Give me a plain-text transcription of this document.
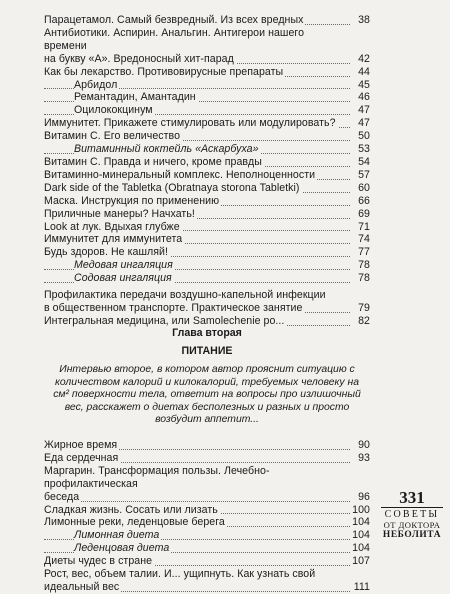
Парацетамол. Самый безвредный. Из всех вредных	38
Антибиотики. Аспирин. Анальгин. Антигерои нашего времени
на букву «А». Вредоносный хит-парад	42
Как бы лекарство. Противовирусные препараты	44
Арбидол	45
Ремантадин, Амантадин	46
Оцилококцинум	47
Иммунитет. Прикажете стимулировать или модулировать?	47
Витамин С. Его величество	50
Витаминный коктейль «Аскарбуха»	53
Витамин С. Правда и ничего, кроме правды	54
Витаминно-минеральный комплекс. Неполноценности	57
Dark side of the Tabletka (Obratnaya storona Tabletki)	60
Маска. Инструкция по применению	66
Приличные манеры? Начхать!	69
Look at лук. Вдыхая глубже	71
Иммунитет для иммунитета	74
Будь здоров. Не кашляй!	77
Медовая ингаляция	78
Содовая ингаляция	78
Профилактика передачи воздушно-капельной инфекции
в общественном транспорте. Практическое занятие	79
Интегральная медицина, или Samolechenie po...	82
Глава вторая
ПИТАНИЕ
Интервью второе, в котором автор прояснит ситуацию с количеством калорий и килокалорий, требуемых человеку на см² поверхности тела, ответит на вопросы про излишочный вес, расскажет о диетах бесполезных и разных и просто возбудит аппетит...
Жирное время	90
Еда сердечная	93
Маргарин. Трансформация пользы. Лечебно-профилактическая
беседа	96
Сладкая жизнь. Сосать или лизать	100
Лимонные реки, леденцовые берега	104
Лимонная диета	104
Леденцовая диета	104
Диеты чудес в стране	107
Рост, вес, объем талии. И... ущипнуть. Как узнать свой
идеальный вес	111
331
СОВЕТЫ
ОТ ДОКТОРА
НЕБОЛИТА
